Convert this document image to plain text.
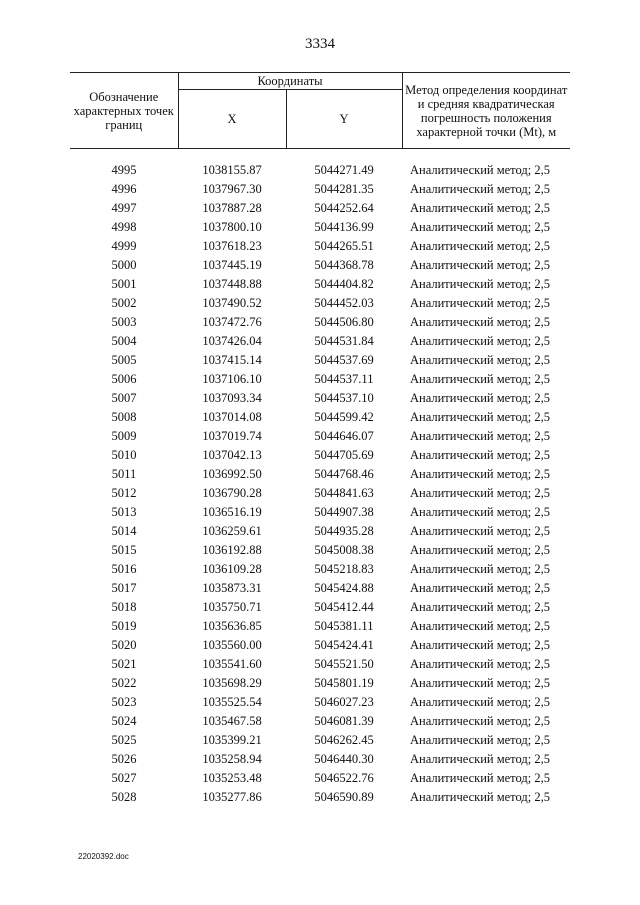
3334
Обозначение характерных точек границ	Координаты		Метод определения координат и средняя квадратическая погрешность положения характерной точки (Mt), м
	X	Y	
4995	1038155.87	5044271.49	Аналитический метод; 2,5
4996	1037967.30	5044281.35	Аналитический метод; 2,5
4997	1037887.28	5044252.64	Аналитический метод; 2,5
4998	1037800.10	5044136.99	Аналитический метод; 2,5
4999	1037618.23	5044265.51	Аналитический метод; 2,5
5000	1037445.19	5044368.78	Аналитический метод; 2,5
5001	1037448.88	5044404.82	Аналитический метод; 2,5
5002	1037490.52	5044452.03	Аналитический метод; 2,5
5003	1037472.76	5044506.80	Аналитический метод; 2,5
5004	1037426.04	5044531.84	Аналитический метод; 2,5
5005	1037415.14	5044537.69	Аналитический метод; 2,5
5006	1037106.10	5044537.11	Аналитический метод; 2,5
5007	1037093.34	5044537.10	Аналитический метод; 2,5
5008	1037014.08	5044599.42	Аналитический метод; 2,5
5009	1037019.74	5044646.07	Аналитический метод; 2,5
5010	1037042.13	5044705.69	Аналитический метод; 2,5
5011	1036992.50	5044768.46	Аналитический метод; 2,5
5012	1036790.28	5044841.63	Аналитический метод; 2,5
5013	1036516.19	5044907.38	Аналитический метод; 2,5
5014	1036259.61	5044935.28	Аналитический метод; 2,5
5015	1036192.88	5045008.38	Аналитический метод; 2,5
5016	1036109.28	5045218.83	Аналитический метод; 2,5
5017	1035873.31	5045424.88	Аналитический метод; 2,5
5018	1035750.71	5045412.44	Аналитический метод; 2,5
5019	1035636.85	5045381.11	Аналитический метод; 2,5
5020	1035560.00	5045424.41	Аналитический метод; 2,5
5021	1035541.60	5045521.50	Аналитический метод; 2,5
5022	1035698.29	5045801.19	Аналитический метод; 2,5
5023	1035525.54	5046027.23	Аналитический метод; 2,5
5024	1035467.58	5046081.39	Аналитический метод; 2,5
5025	1035399.21	5046262.45	Аналитический метод; 2,5
5026	1035258.94	5046440.30	Аналитический метод; 2,5
5027	1035253.48	5046522.76	Аналитический метод; 2,5
5028	1035277.86	5046590.89	Аналитический метод; 2,5
22020392.doc
